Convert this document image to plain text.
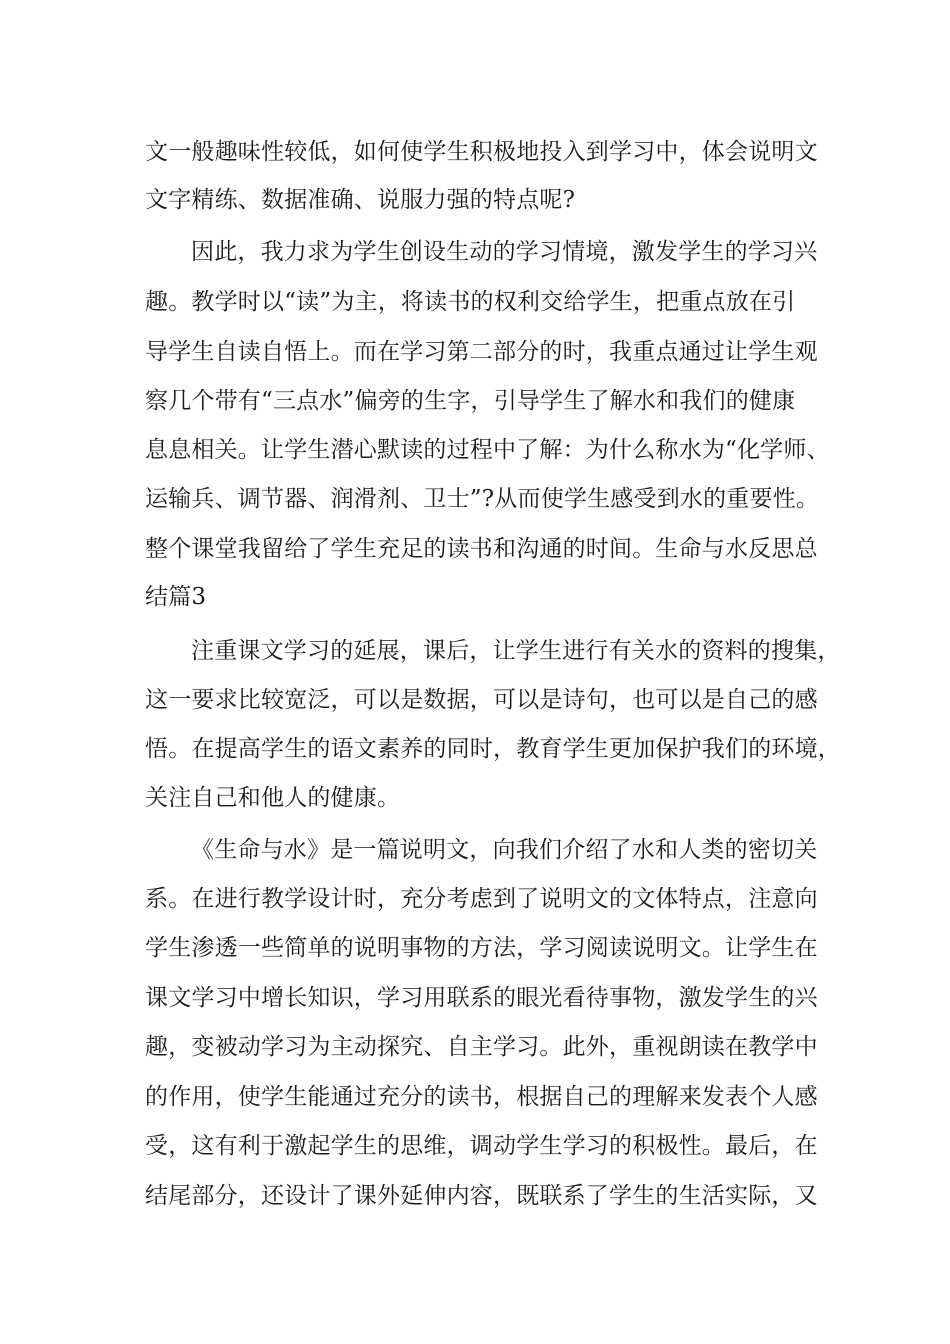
文一般趣味性较低，如何使学生积极地投入到学习中，体会说明文
文字精练、数据准确、说服力强的特点呢?
因此，我力求为学生创设生动的学习情境，激发学生的学习兴
趣。教学时以“读”为主，将读书的权利交给学生，把重点放在引
导学生自读自悟上。而在学习第二部分的时，我重点通过让学生观
察几个带有“三点水”偏旁的生字，引导学生了解水和我们的健康
息息相关。让学生潜心默读的过程中了解：为什么称水为“化学师、
运输兵、调节器、润滑剂、卫士”?从而使学生感受到水的重要性。
整个课堂我留给了学生充足的读书和沟通的时间。生命与水反思总
结篇3
注重课文学习的延展，课后，让学生进行有关水的资料的搜集，
这一要求比较宽泛，可以是数据，可以是诗句，也可以是自己的感
悟。在提高学生的语文素养的同时，教育学生更加保护我们的环境，
关注自己和他人的健康。
《生命与水》是一篇说明文，向我们介绍了水和人类的密切关
系。在进行教学设计时，充分考虑到了说明文的文体特点，注意向
学生渗透一些简单的说明事物的方法，学习阅读说明文。让学生在
课文学习中增长知识，学习用联系的眼光看待事物，激发学生的兴
趣，变被动学习为主动探究、自主学习。此外，重视朗读在教学中
的作用，使学生能通过充分的读书，根据自己的理解来发表个人感
受，这有利于激起学生的思维，调动学生学习的积极性。最后，在
结尾部分，还设计了课外延伸内容，既联系了学生的生活实际，又
